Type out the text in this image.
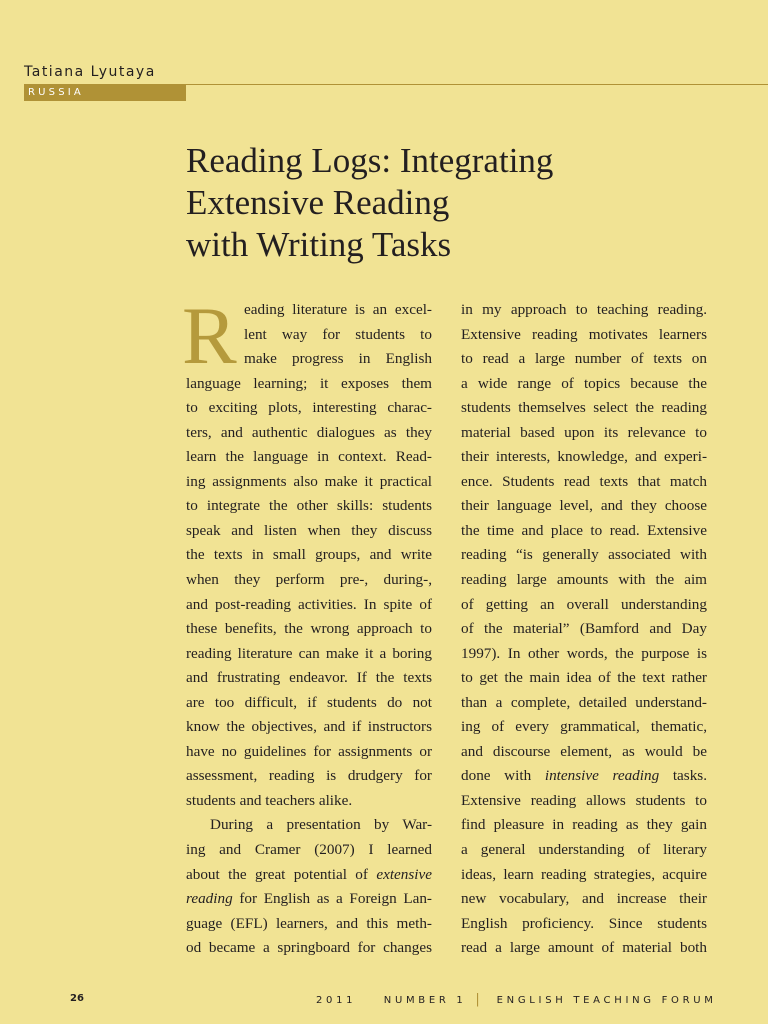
Tatiana Lyutaya
RUSSIA
Reading Logs: Integrating
Extensive Reading
with Writing Tasks
R eading literature is an excel-
lent way for students to
make progress in English
language learning; it exposes them
to exciting plots, interesting charac-
ters, and authentic dialogues as they
learn the language in context. Read-
ing assignments also make it practical
to integrate the other skills: students
speak and listen when they discuss
the texts in small groups, and write
when they perform pre-, during-,
and post-reading activities. In spite of
these benefits, the wrong approach to
reading literature can make it a boring
and frustrating endeavor. If the texts
are too difficult, if students do not
know the objectives, and if instructors
have no guidelines for assignments or
assessment, reading is drudgery for
students and teachers alike.
During a presentation by War-
ing and Cramer (2007) I learned
about the great potential of extensive
reading for English as a Foreign Lan-
guage (EFL) learners, and this meth-
od became a springboard for changes
in my approach to teaching reading.
Extensive reading motivates learners
to read a large number of texts on
a wide range of topics because the
students themselves select the reading
material based upon its relevance to
their interests, knowledge, and experi-
ence. Students read texts that match
their language level, and they choose
the time and place to read. Extensive
reading “is generally associated with
reading large amounts with the aim
of getting an overall understanding
of the material” (Bamford and Day
1997). In other words, the purpose is
to get the main idea of the text rather
than a complete, detailed understand-
ing of every grammatical, thematic,
and discourse element, as would be
done with intensive reading tasks.
Extensive reading allows students to
find pleasure in reading as they gain
a general understanding of literary
ideas, learn reading strategies, acquire
new vocabulary, and increase their
English proficiency. Since students
read a large amount of material both
26	2011	NUMBER 1 | ENGLISH TEACHING FORUM
